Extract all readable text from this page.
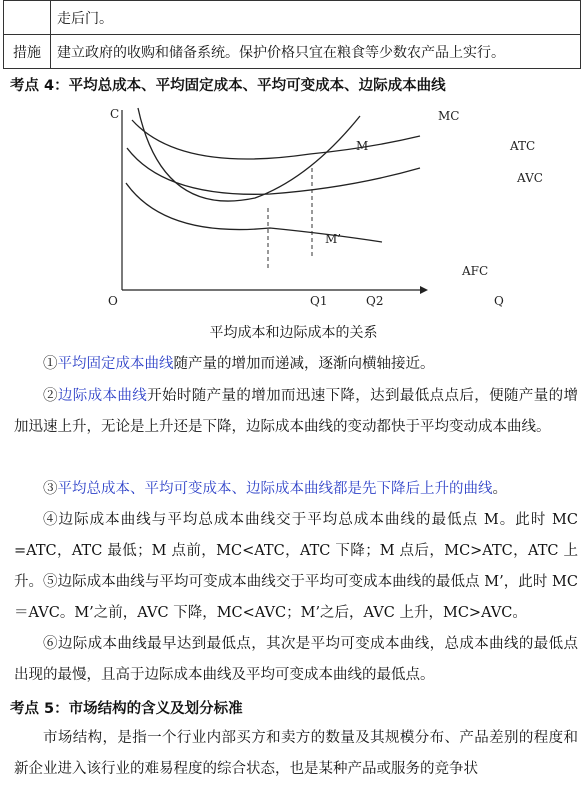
	走后门。
措施	建立政府的收购和储备系统。保护价格只宜在粮食等少数农产品上实行。
考点 4：平均总成本、平均固定成本、平均可变成本、边际成本曲线
C
O	Q
Q1	Q2
M
M’
MC
ATC
AVC
AFC
平均成本和边际成本的关系

①平均固定成本曲线随产量的增加而递减，逐渐向横轴接近。

②边际成本曲线开始时随产量的增加而迅速下降，达到最低点点后，便随产量的增加迅速上升，无论是上升还是下降，边际成本曲线的变动都快于平均变动成本曲线。

③平均总成本、平均可变成本、边际成本曲线都是先下降后上升的曲线。

④边际成本曲线与平均总成本曲线交于平均总成本曲线的最低点 M。此时 MC =ATC，ATC 最低；M 点前，MC<ATC，ATC 下降；M 点后，MC>ATC，ATC 上升。 ⑤边际成本曲线与平均可变成本曲线交于平均可变成本曲线的最低点 M’，此时 MC＝AVC。M’之前，AVC 下降，MC<AVC；M’之后，AVC 上升，MC>AVC。

⑥边际成本曲线最早达到最低点，其次是平均可变成本曲线，总成本曲线的最低点出现的最慢，且高于边际成本曲线及平均可变成本曲线的最低点。

考点 5：市场结构的含义及划分标准

市场结构，是指一个行业内部买方和卖方的数量及其规模分布、产品差别的程度和新企业进入该行业的难易程度的综合状态，也是某种产品或服务的竞争状
